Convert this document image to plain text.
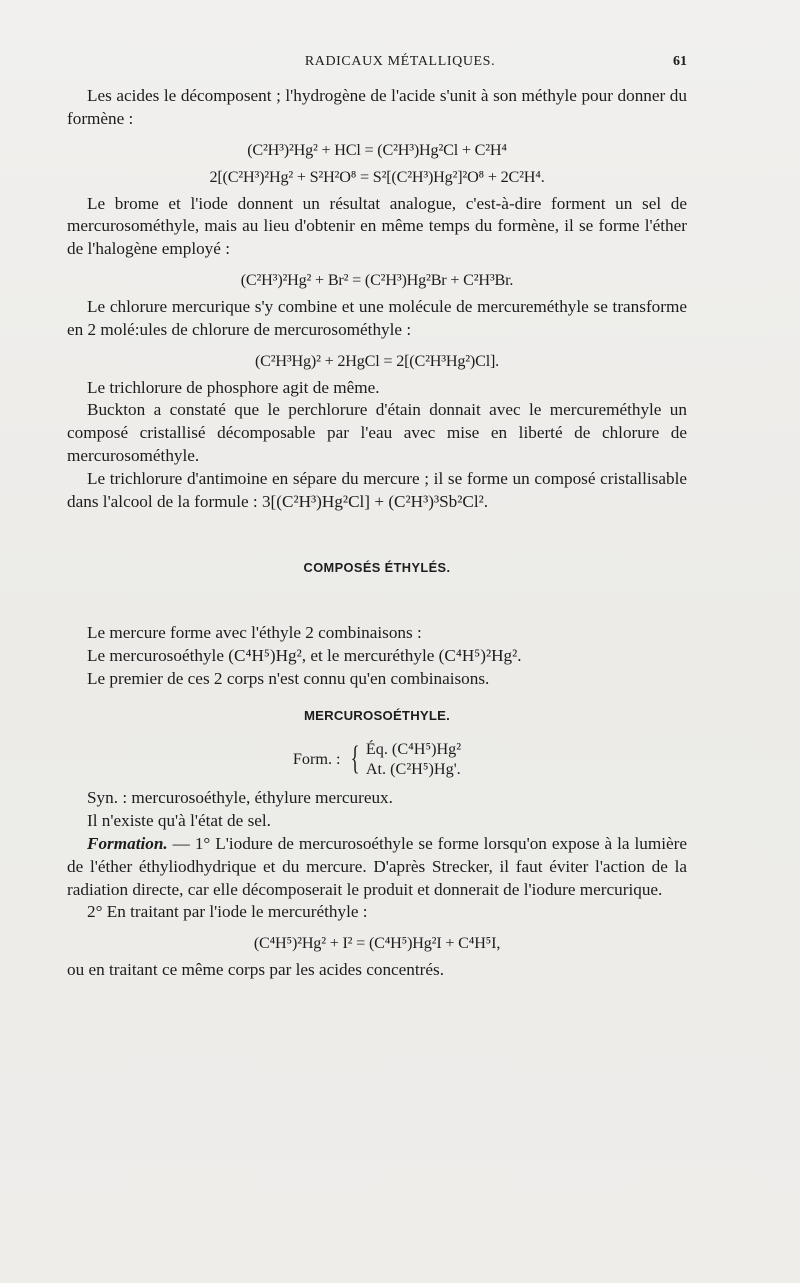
RADICAUX MÉTALLIQUES.	61

Les acides le décomposent ; l'hydrogène de l'acide s'unit à son méthyle pour donner du formène :

(C²H³)²Hg² + HCl = (C²H³)Hg²Cl + C²H⁴
2[(C²H³)²Hg² + S²H²O⁸ = S²[(C²H³)Hg²]²O⁸ + 2C²H⁴.

Le brome et l'iode donnent un résultat analogue, c'est-à-dire forment un sel de mercurosométhyle, mais au lieu d'obtenir en même temps du formène, il se forme l'éther de l'halogène employé :

(C²H³)²Hg² + Br² = (C²H³)Hg²Br + C²H³Br.

Le chlorure mercurique s'y combine et une molécule de mercureméthyle se transforme en 2 molé:ules de chlorure de mercurosométhyle :

(C²H³Hg)² + 2HgCl = 2[(C²H³Hg²)Cl].

Le trichlorure de phosphore agit de même.

Buckton a constaté que le perchlorure d'étain donnait avec le mercureméthyle un composé cristallisé décomposable par l'eau avec mise en liberté de chlorure de mercurosométhyle.

Le trichlorure d'antimoine en sépare du mercure ; il se forme un composé cristallisable dans l'alcool de la formule : 3[(C²H³)Hg²Cl] + (C²H³)³Sb²Cl².

COMPOSÉS ÉTHYLÉS.

Le mercure forme avec l'éthyle 2 combinaisons :

Le mercurosoéthyle (C⁴H⁵)Hg², et le mercuréthyle (C⁴H⁵)²Hg².

Le premier de ces 2 corps n'est connu qu'en combinaisons.

MERCUROSOÉTHYLE.
Form. : { Éq. (C⁴H⁵)Hg²
At. (C²H⁵)Hg'.

Syn. : mercurosoéthyle, éthylure mercureux.

Il n'existe qu'à l'état de sel.

Formation. — 1° L'iodure de mercurosoéthyle se forme lorsqu'on expose à la lumière de l'éther éthyliodhydrique et du mercure. D'après Strecker, il faut éviter l'action de la radiation directe, car elle décomposerait le produit et donnerait de l'iodure mercurique.

2° En traitant par l'iode le mercuréthyle :

(C⁴H⁵)²Hg² + I² = (C⁴H⁵)Hg²I + C⁴H⁵I,

ou en traitant ce même corps par les acides concentrés.
